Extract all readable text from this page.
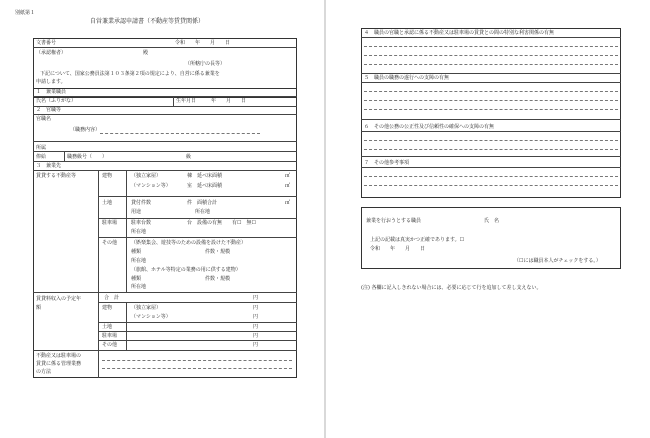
別紙第１
自営兼業承認申請書（不動産等賃貸関係）
文書番号	令和　　年　　月　　日
（承認権者）	殿
（所轄庁の長等）
下記について、国家公務員法第１０３条第２項の規定により、自営に係る兼業を
申請します。
１　兼業職員
氏名（ふりがな）	生年月日　　　年　　月　　日
２　官職等
官職名
（職務内容）
所属
俸給	職務級号（　　）	級
３　兼業先
賃貸する不動産等	建物	（独立家屋）	棟　延べ床面積	㎡
（マンション等）	室　延べ床面積	㎡
土地	貸付件数	件　面積合計	㎡
用途	所在地
駐車場	駐車台数	台　設備の有無　　有☐　無☐
所在地
その他	（娯楽集会、遊技等のための設備を設けた不動産）
種類	件数・規模
所在地
（旅館、ホテル等特定の業務の用に供する建物）
種類	件数・規模
所在地
賃貸料収入の予定年
額
合　計	円
建物	（独立家屋）	円
（マンション等）	円
土地	円
駐車場	円
その他	円
不動産又は駐車場の
賃貸に係る管理業務
の方法
４　職員の官職と承認に係る不動産又は駐車場の賃貸との間の特別な利害関係の有無
５　職員の職務の遂行への支障の有無
６　その他公務の公正性及び信頼性の確保への支障の有無
７　その他参考事項
兼業を行おうとする職員	氏　名
上記の記載は真実かつ正確であります。☐
令和　　年　　月　　日
（☐には職員本人がチェックをする。）
(注) 各欄に記入しきれない場合には、必要に応じて行を追加して差し支えない。
